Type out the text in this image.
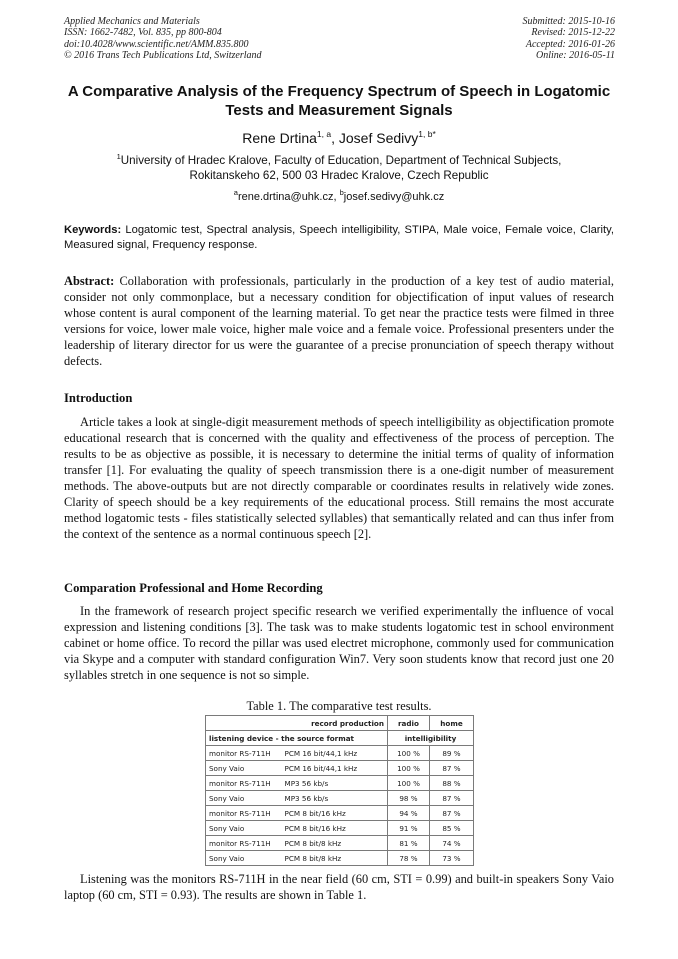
Applied Mechanics and Materials
ISSN: 1662-7482, Vol. 835, pp 800-804
doi:10.4028/www.scientific.net/AMM.835.800
© 2016 Trans Tech Publications Ltd, Switzerland
Submitted: 2015-10-16
Revised: 2015-12-22
Accepted: 2016-01-26
Online: 2016-05-11
A Comparative Analysis of the Frequency Spectrum of Speech in Logatomic Tests and Measurement Signals

Rene Drtina$^{1, a}$, Josef Sedivy$^{1, b*}$

$^1$University of Hradec Kralove, Faculty of Education, Department of Technical Subjects,
Rokitanskeho 62, 500 03 Hradec Kralove, Czech Republic

$^a$rene.drtina@uhk.cz, $^b$josef.sedivy@uhk.cz

Keywords: Logatomic test, Spectral analysis, Speech intelligibility, STIPA, Male voice, Female voice, Clarity, Measured signal, Frequency response.

Abstract: Collaboration with professionals, particularly in the production of a key test of audio material, consider not only commonplace, but a necessary condition for objectification of input values of research whose content is aural component of the learning material. To get near the practice tests were filmed in three versions for voice, lower male voice, higher male voice and a female voice. Professional presenters under the leadership of literary director for us were the guarantee of a precise pronunciation of speech therapy without defects.

Introduction

Article takes a look at single-digit measurement methods of speech intelligibility as objectification promote educational research that is concerned with the quality and effectiveness of the process of perception. The results to be as objective as possible, it is necessary to determine the initial terms of quality of information transfer [1]. For evaluating the quality of speech transmission there is a one-digit number of measurement methods. The above-outputs but are not directly comparable or coordinates results in relatively wide zones. Clarity of speech should be a key requirements of the educational process. Still remains the most accurate method logatomic tests - files statistically selected syllables) that semantically related and can thus infer from the context of the sentence as a normal continuous speech [2].

Comparation Professional and Home Recording

In the framework of research project specific research we verified experimentally the influence of vocal expression and listening conditions [3]. The task was to make students logatomic test in school environment cabinet or home office. To record the pillar was used electret microphone, commonly used for communication via Skype and a computer with standard configuration Win7. Very soon students know that record just one 20 syllables stretch in one sequence is not so simple.

Table 1. The comparative test results.

	record production	radio	home
listening device - the source format		intelligibility	
monitor RS-711H	PCM 16 bit/44,1 kHz	100 %	89 %
Sony Vaio	PCM 16 bit/44,1 kHz	100 %	87 %
monitor RS-711H	MP3 56 kb/s	100 %	88 %
Sony Vaio	MP3 56 kb/s	98 %	87 %
monitor RS-711H	PCM 8 bit/16 kHz	94 %	87 %
Sony Vaio	PCM 8 bit/16 kHz	91 %	85 %
monitor RS-711H	PCM 8 bit/8 kHz	81 %	74 %
Sony Vaio	PCM 8 bit/8 kHz	78 %	73 %

Listening was the monitors RS-711H in the near field (60 cm, STI = 0.99) and built-in speakers Sony Vaio laptop (60 cm, STI = 0.93). The results are shown in Table 1.
